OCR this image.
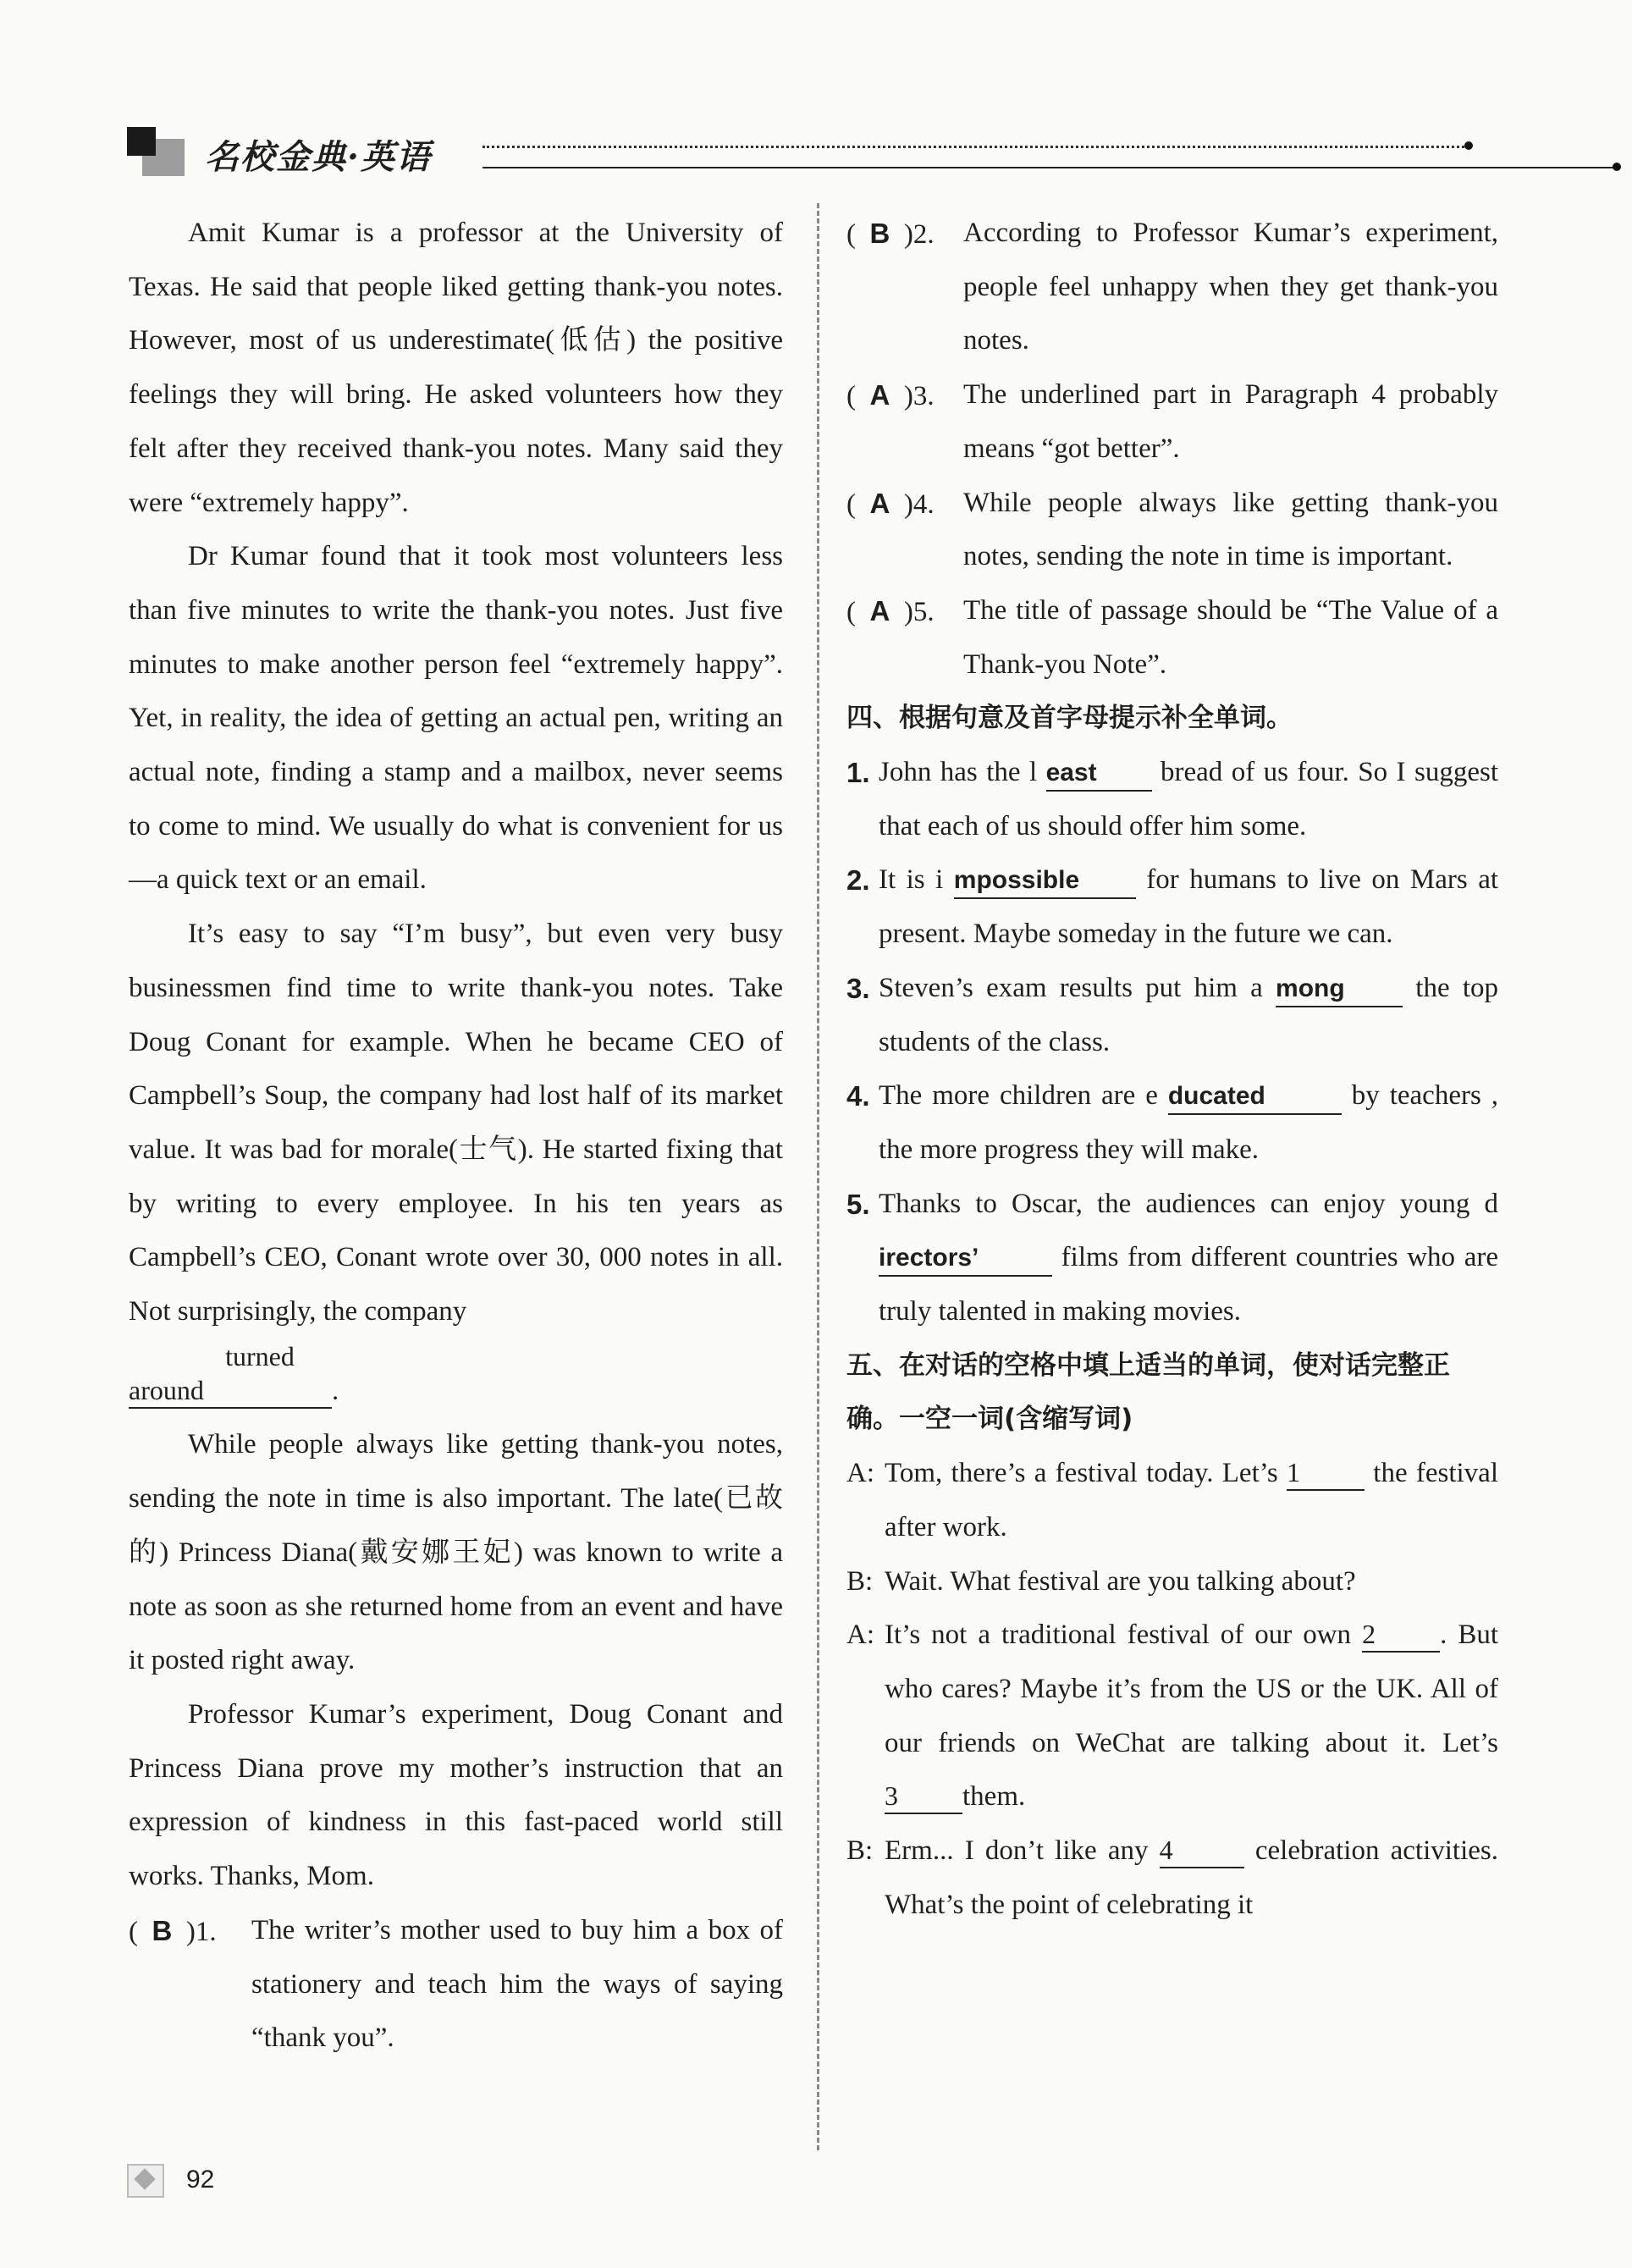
名校金典·英语

Amit Kumar is a professor at the University of Texas. He said that people liked getting thank-you notes. However, most of us underestimate(低估) the positive feelings they will bring. He asked volunteers how they felt after they received thank-you notes. Many said they were “extremely happy”.

Dr Kumar found that it took most volunteers less than five minutes to write the thank-you notes. Just five minutes to make another person feel “extremely happy”. Yet, in reality, the idea of getting an actual pen, writing an actual note, finding a stamp and a mailbox, never seems to come to mind. We usually do what is convenient for us—a quick text or an email.

It’s easy to say “I’m busy”, but even very busy businessmen find time to write thank-you notes. Take Doug Conant for example. When he became CEO of Campbell’s Soup, the company had lost half of its market value. It was bad for morale(士气). He started fixing that by writing to every employee. In his ten years as Campbell’s CEO, Conant wrote over 30, 000 notes in all. Not surprisingly, the company
turned around	.

While people always like getting thank-you notes, sending the note in time is also important. The late(已故的) Princess Diana(戴安娜王妃) was known to write a note as soon as she returned home from an event and have it posted right away.

Professor Kumar’s experiment, Doug Conant and Princess Diana prove my mother’s instruction that an expression of kindness in this fast-paced world still works. Thanks, Mom.

( B )1. The writer’s mother used to buy him a box of stationery and teach him the ways of saying “thank you”.
( B )2. According to Professor Kumar’s experiment, people feel unhappy when they get thank-you notes.
( A )3. The underlined part in Paragraph 4 probably means “got better”.
( A )4. While people always like getting thank-you notes, sending the note in time is important.
( A )5. The title of passage should be “The Value of a Thank-you Note”.
四、根据句意及首字母提示补全单词。
1. John has the l east bread of us four. So I suggest that each of us should offer him some.
2. It is i mpossible for humans to live on Mars at present. Maybe someday in the future we can.
3. Steven’s exam results put him a mong	the top students of the class.
4. The more children are e ducated	by teachers , the more progress they will make.
5. Thanks to Oscar, the audiences can enjoy young d irectors’	films from different countries who are truly talented in making movies.
五、在对话的空格中填上适当的单词，使对话完整正确。一空一词(含缩写词)
A: Tom, there’s a festival today. Let’s 1	the festival after work.
B: Wait. What festival are you talking about?
A: It’s not a traditional festival of our own 2 . But who cares? Maybe it’s from the US or the UK. All of our friends on WeChat are talking about it. Let’s 3 them.
B: Erm... I don’t like any 4	celebration activities. What’s the point of celebrating it
92
